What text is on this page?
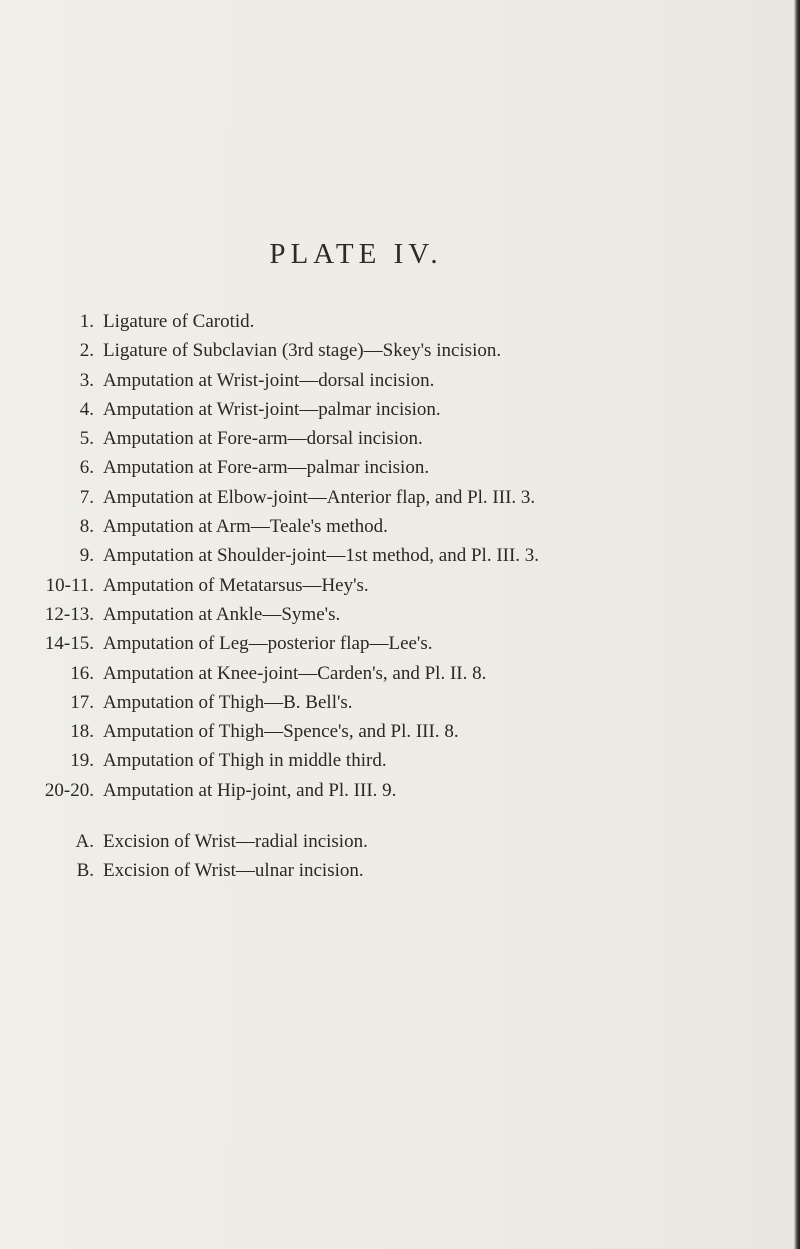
PLATE IV.
1. Ligature of Carotid.
2. Ligature of Subclavian (3rd stage)—Skey's incision.
3. Amputation at Wrist-joint—dorsal incision.
4. Amputation at Wrist-joint—palmar incision.
5. Amputation at Fore-arm—dorsal incision.
6. Amputation at Fore-arm—palmar incision.
7. Amputation at Elbow-joint—Anterior flap, and Pl. III. 3.
8. Amputation at Arm—Teale's method.
9. Amputation at Shoulder-joint—1st method, and Pl. III. 3.
10-11. Amputation of Metatarsus—Hey's.
12-13. Amputation at Ankle—Syme's.
14-15. Amputation of Leg—posterior flap—Lee's.
16. Amputation at Knee-joint—Carden's, and Pl. II. 8.
17. Amputation of Thigh—B. Bell's.
18. Amputation of Thigh—Spence's, and Pl. III. 8.
19. Amputation of Thigh in middle third.
20-20. Amputation at Hip-joint, and Pl. III. 9.
A. Excision of Wrist—radial incision.
B. Excision of Wrist—ulnar incision.
